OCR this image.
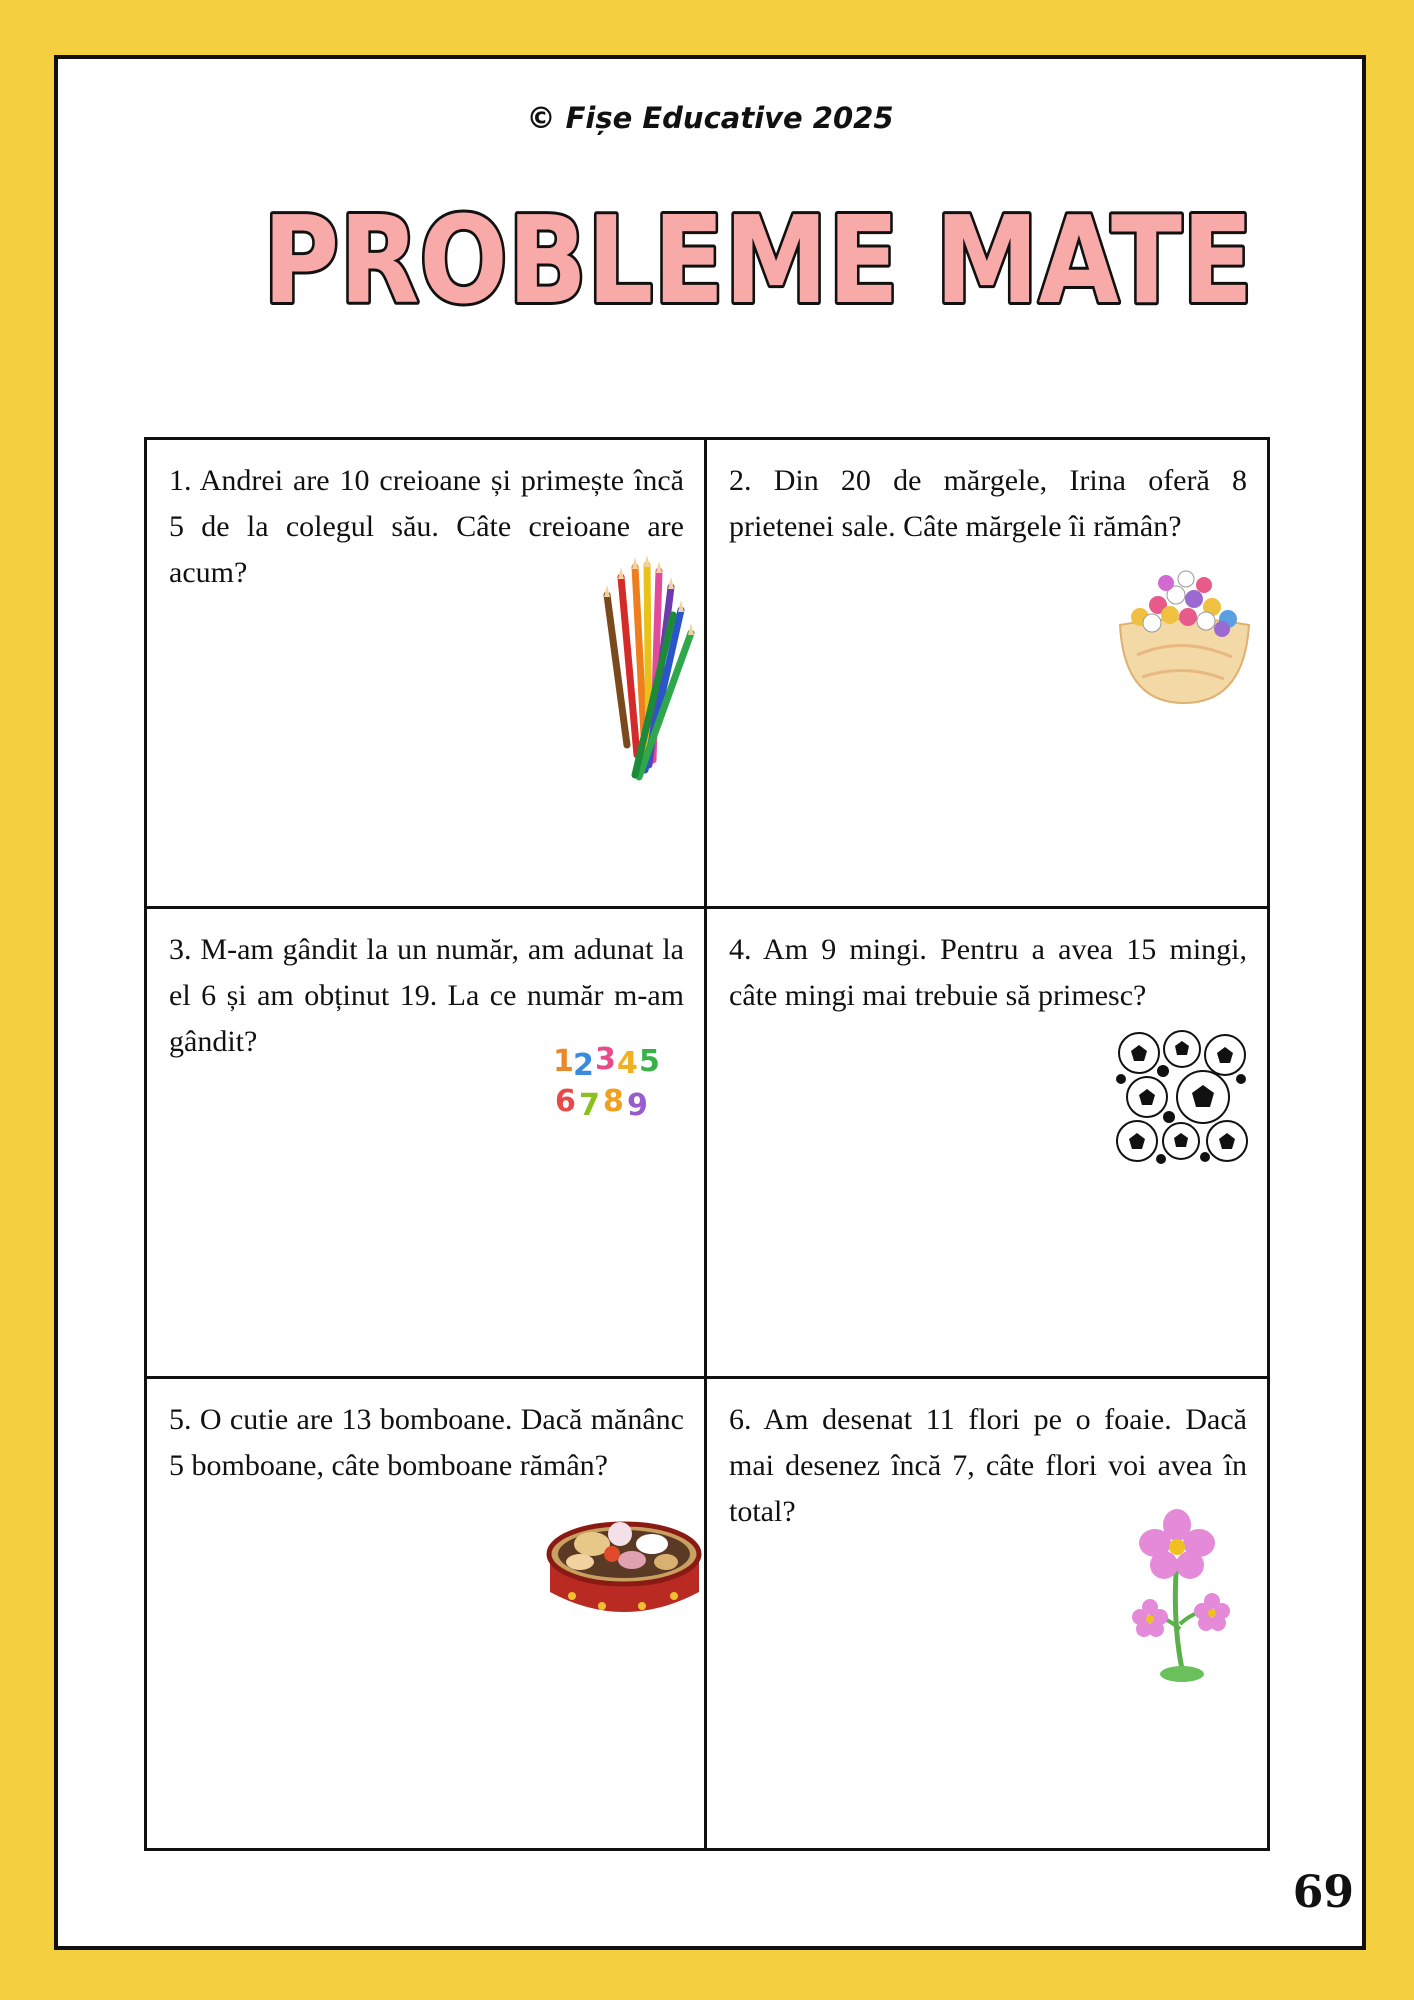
© Fișe Educative 2025
PROBLEME MATE

1. Andrei are 10 creioane și primește încă 5 de la colegul său. Câte creioane are acum?

2. Din 20 de mărgele, Irina oferă 8 prietenei sale. Câte mărgele îi rămân?

3. M-am gândit la un număr, am adunat la el 6 și am obținut 19. La ce număr m-am gândit?

1 2 3 4 5
6 7 8 9

4. Am 9 mingi. Pentru a avea 15 mingi, câte mingi mai trebuie să primesc?

5. O cutie are 13 bomboane. Dacă mănânc 5 bomboane, câte bomboane rămân?

6. Am desenat 11 flori pe o foaie. Dacă mai desenez încă 7, câte flori voi avea în total?

69
